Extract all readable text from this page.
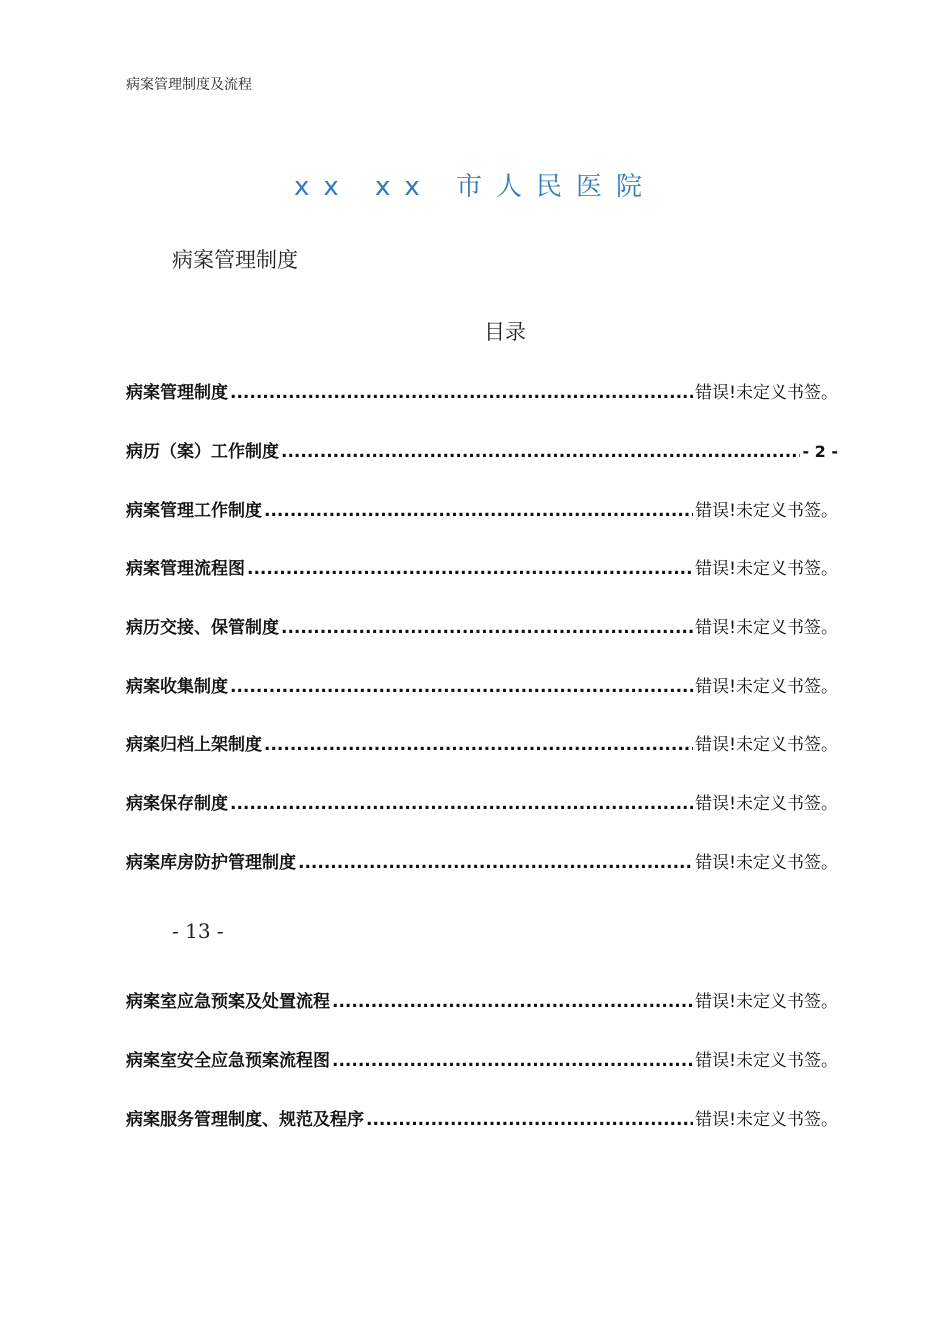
病案管理制度及流程
xx xx 市人民医院
病案管理制度
目录
病案管理制度 .....	错误!未定义书签。
病历（案）工作制度 .....	- 2 -
病案管理工作制度 .....	错误!未定义书签。
病案管理流程图 .....	错误!未定义书签。
病历交接、保管制度 .....	错误!未定义书签。
病案收集制度 .....	错误!未定义书签。
病案归档上架制度 .....	错误!未定义书签。
病案保存制度 .....	错误!未定义书签。
病案库房防护管理制度 .....	错误!未定义书签。
病案室应急预案及处置流程 .....	错误!未定义书签。
病案室安全应急预案流程图 .....	错误!未定义书签。
病案服务管理制度、规范及程序 .....	错误!未定义书签。
- 13 -
